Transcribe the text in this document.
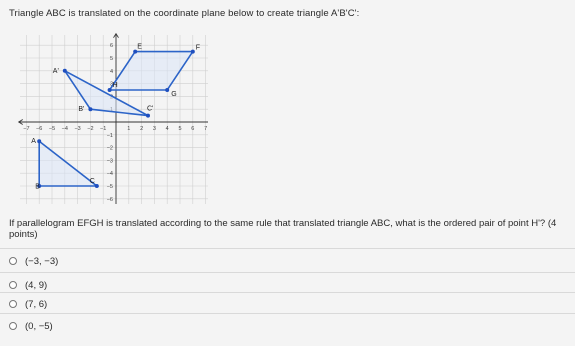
Triangle ABC is translated on the coordinate plane below to create triangle A'B'C':
−7 −6 −5 −4 −3 −2 −1	1 2 3 4 5 6 7
6
5
4
3
−1
−2
−3
−4
−5
−6
A
B
C
A'
B'	C'
E	F
G
H
If parallelogram EFGH is translated according to the same rule that translated triangle ABC, what is the ordered pair of point H'? (4 points)
(−3, −3)
(4, 9)
(7, 6)
(0, −5)
